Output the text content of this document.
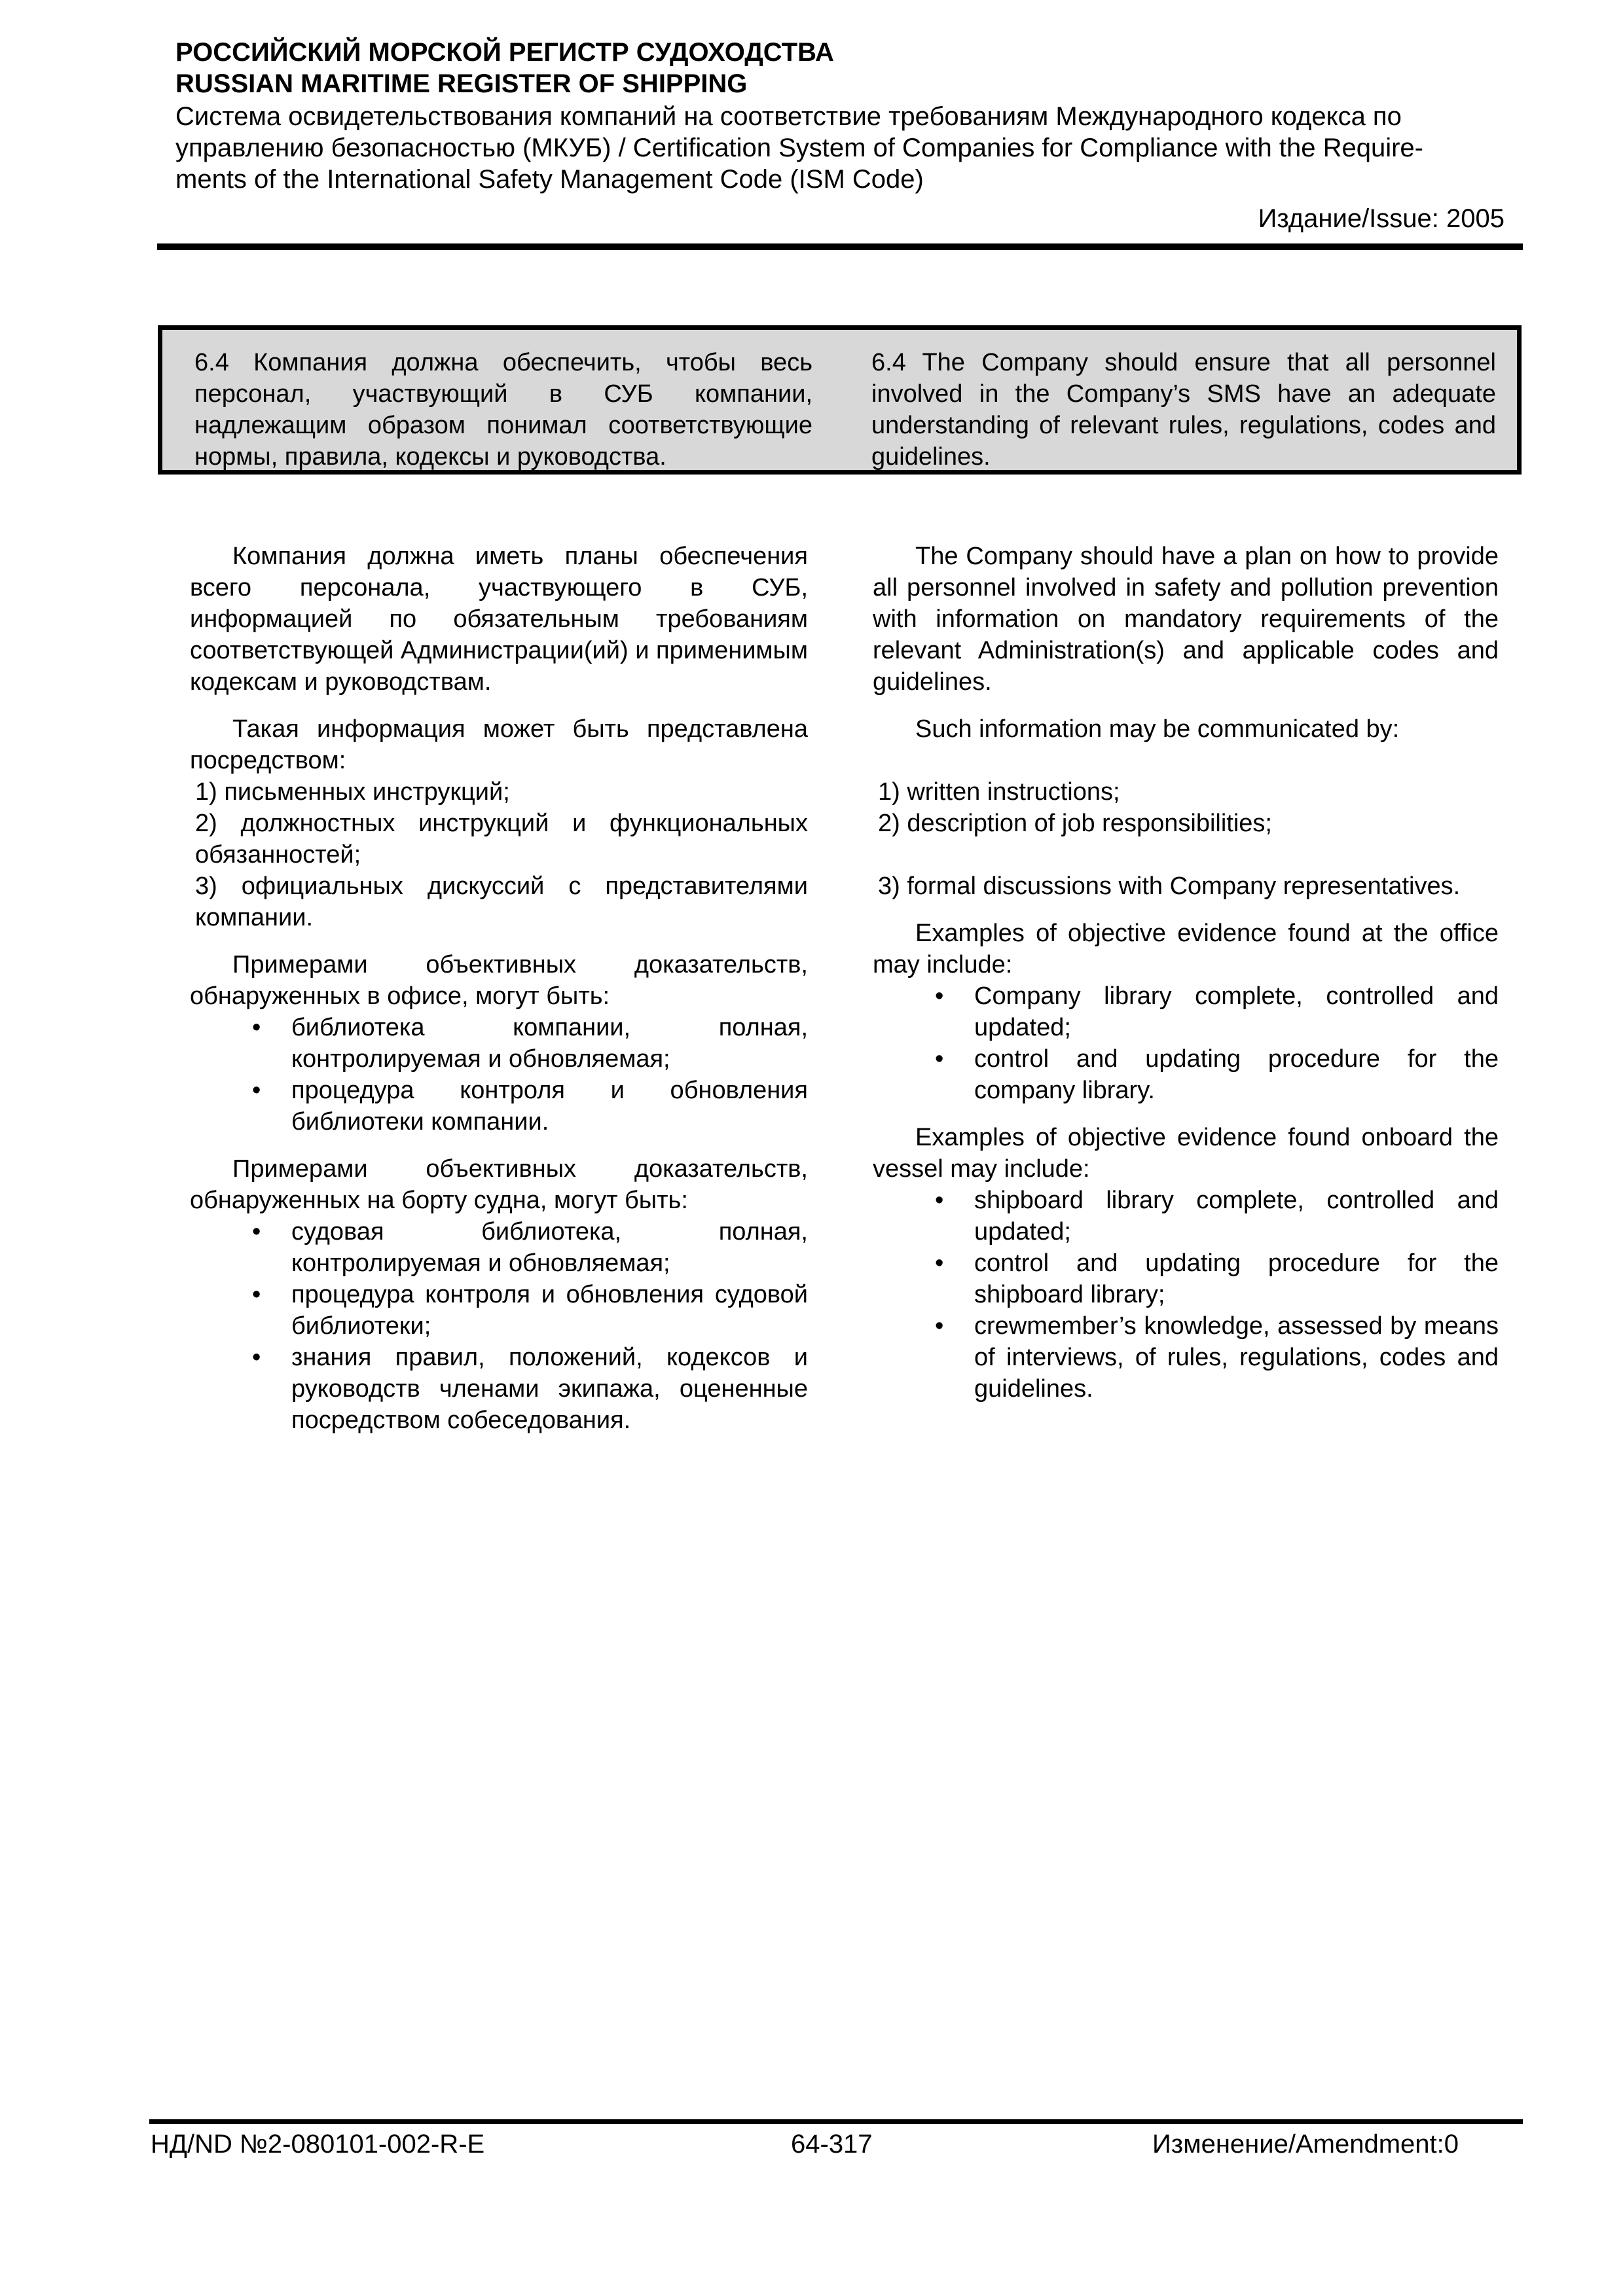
РОССИЙСКИЙ МОРСКОЙ РЕГИСТР СУДОХОДСТВА
RUSSIAN MARITIME REGISTER OF SHIPPING
Система освидетельствования компаний на соответствие требованиям Международного кодекса по
управлению безопасностью (МКУБ) / Certification System of Companies for Compliance with the Require-
ments of the International Safety Management Code (ISM Code)
Издание/Issue: 2005
6.4 Компания должна обеспечить, чтобы весь персонал, участвующий в СУБ компании, надлежащим образом понимал соответствующие нормы, правила, кодексы и руководства.
6.4 The Company should ensure that all personnel involved in the Company’s SMS have an adequate understanding of relevant rules, regulations, codes and guidelines.

Компания должна иметь планы обеспечения всего персонала, участвующего в СУБ, информацией по обязательным требованиям соответствующей Администрации(ий) и применимым кодексам и руководствам.

Такая информация может быть представлена посредством:

1) письменных инструкций;
2) должностных инструкций и функциональных обязанностей;
3) официальных дискуссий с представителями компании.

Примерами объективных доказательств, обнаруженных в офисе, могут быть:

• библиотека компании, полная, контролируемая и обновляемая;
• процедура контроля и обновления библиотеки компании.

Примерами объективных доказательств, обнаруженных на борту судна, могут быть:

• судовая библиотека, полная, контролируемая и обновляемая;
• процедура контроля и обновления судовой библиотеки;
• знания правил, положений, кодексов и руководств членами экипажа, оцененные посредством собеседования.

The Company should have a plan on how to provide all personnel involved in safety and pollution prevention with information on mandatory requirements of the relevant Administration(s) and applicable codes and guidelines.

Such information may be communicated by:

1) written instructions;
2) description of job responsibilities;
3) formal discussions with Company representatives.

Examples of objective evidence found at the office may include:

• Company library complete, controlled and updated;
• control and updating procedure for the company library.

Examples of objective evidence found onboard the vessel may include:

• shipboard library complete, controlled and updated;
• control and updating procedure for the shipboard library;
• crewmember’s knowledge, assessed by means of interviews, of rules, regulations, codes and guidelines.
НД/ND №2-080101-002-R-E	64-317	Изменение/Amendment:0
